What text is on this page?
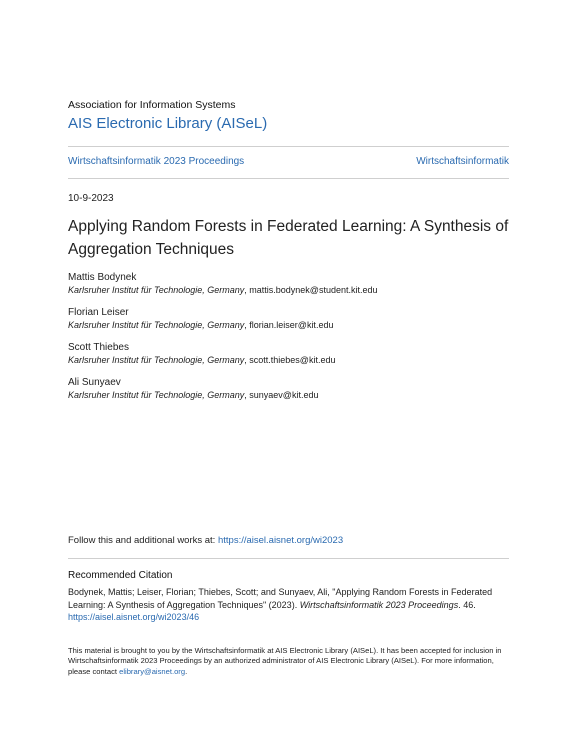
Association for Information Systems
AIS Electronic Library (AISeL)
Wirtschaftsinformatik 2023 Proceedings	Wirtschaftsinformatik
10-9-2023
Applying Random Forests in Federated Learning: A Synthesis of Aggregation Techniques
Mattis Bodynek
Karlsruher Institut für Technologie, Germany, mattis.bodynek@student.kit.edu
Florian Leiser
Karlsruher Institut für Technologie, Germany, florian.leiser@kit.edu
Scott Thiebes
Karlsruher Institut für Technologie, Germany, scott.thiebes@kit.edu
Ali Sunyaev
Karlsruher Institut für Technologie, Germany, sunyaev@kit.edu
Follow this and additional works at: https://aisel.aisnet.org/wi2023
Recommended Citation
Bodynek, Mattis; Leiser, Florian; Thiebes, Scott; and Sunyaev, Ali, "Applying Random Forests in Federated Learning: A Synthesis of Aggregation Techniques" (2023). Wirtschaftsinformatik 2023 Proceedings. 46.
https://aisel.aisnet.org/wi2023/46
This material is brought to you by the Wirtschaftsinformatik at AIS Electronic Library (AISeL). It has been accepted for inclusion in Wirtschaftsinformatik 2023 Proceedings by an authorized administrator of AIS Electronic Library (AISeL). For more information, please contact elibrary@aisnet.org.
